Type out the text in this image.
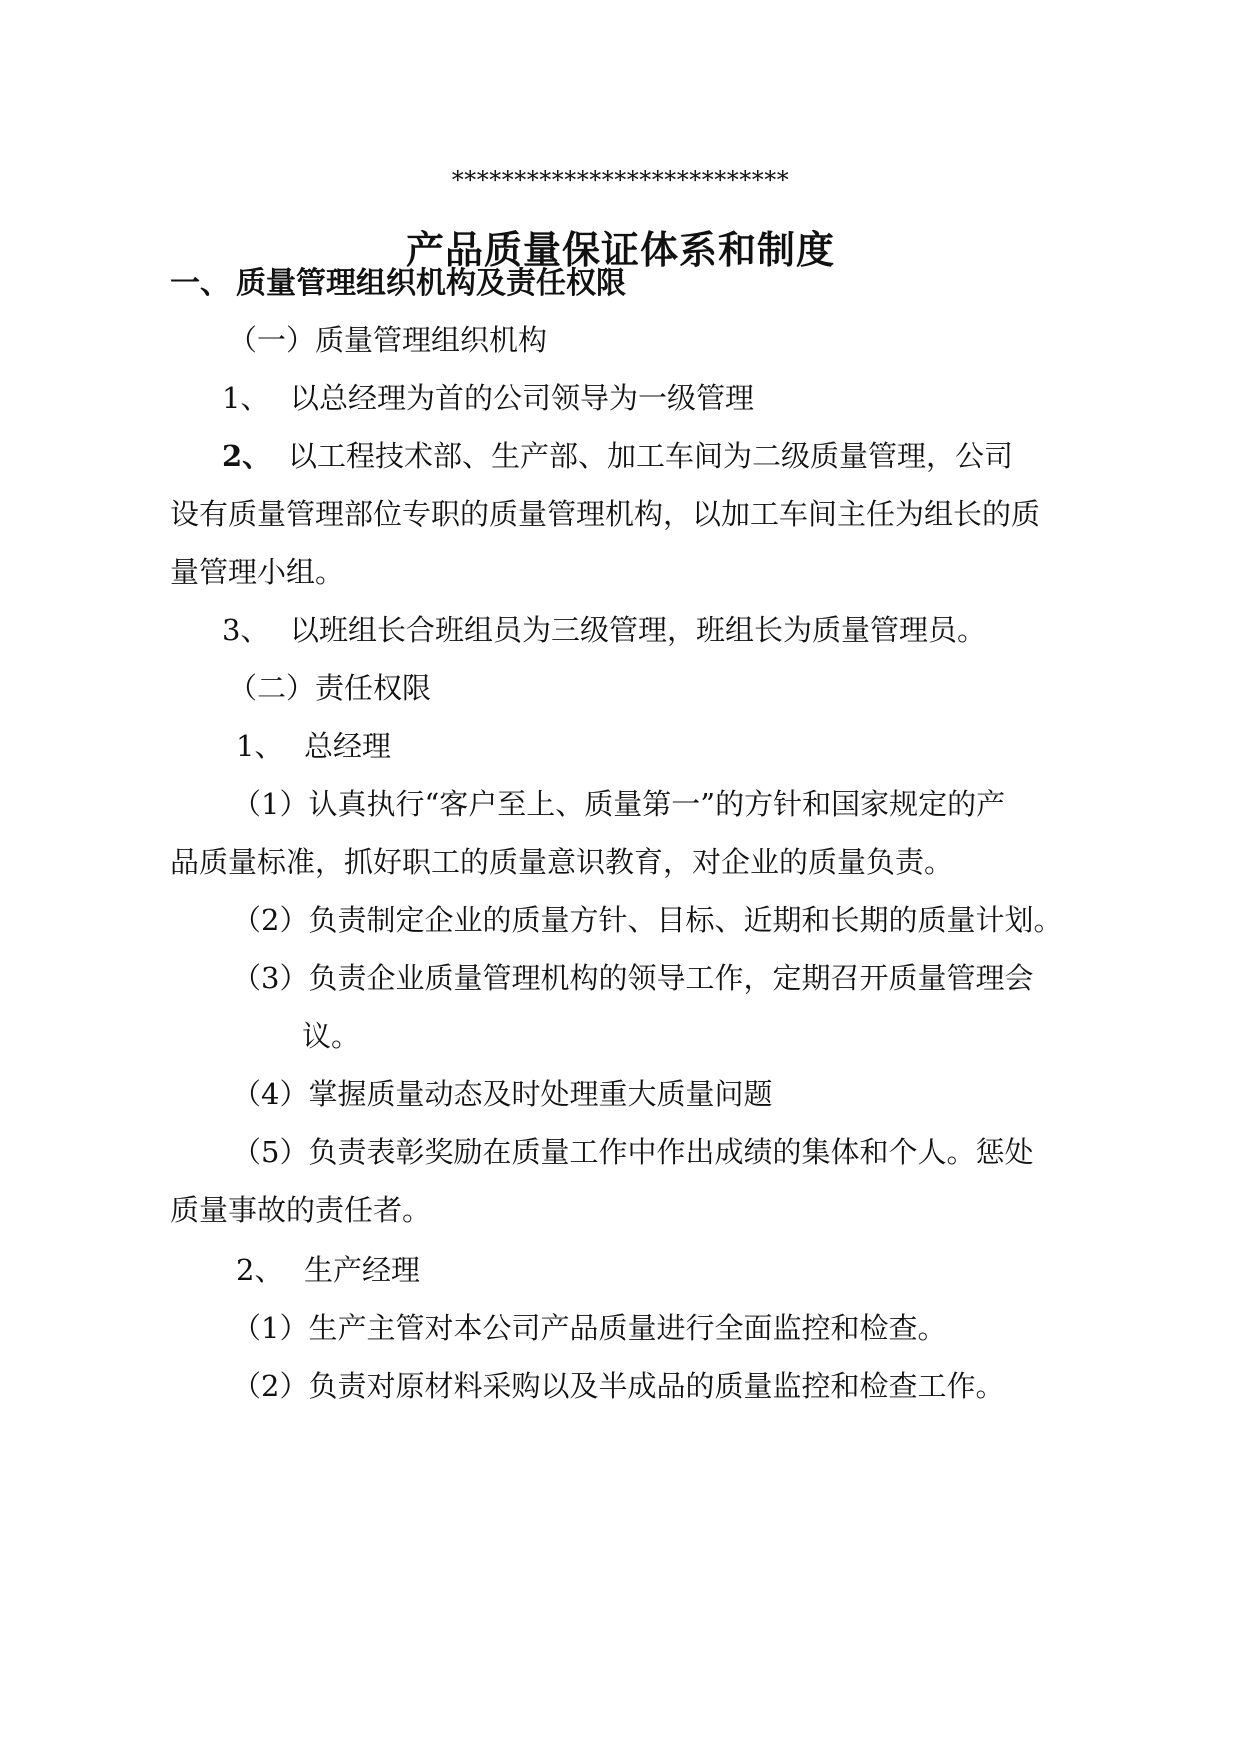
***************************
产品质量保证体系和制度
一、 质量管理组织机构及责任权限
（一）质量管理组织机构
1、 以总经理为首的公司领导为一级管理
2、 以工程技术部、生产部、加工车间为二级质量管理，公司
设有质量管理部位专职的质量管理机构，以加工车间主任为组长的质
量管理小组。
3、 以班组长合班组员为三级管理，班组长为质量管理员。
（二）责任权限
1、 总经理
（1）认真执行“客户至上、质量第一”的方针和国家规定的产
品质量标准，抓好职工的质量意识教育，对企业的质量负责。
（2）负责制定企业的质量方针、目标、近期和长期的质量计划。
（3）负责企业质量管理机构的领导工作，定期召开质量管理会
议。
（4）掌握质量动态及时处理重大质量问题
（5）负责表彰奖励在质量工作中作出成绩的集体和个人。惩处
质量事故的责任者。
2、 生产经理
（1）生产主管对本公司产品质量进行全面监控和检查。
（2）负责对原材料采购以及半成品的质量监控和检查工作。
